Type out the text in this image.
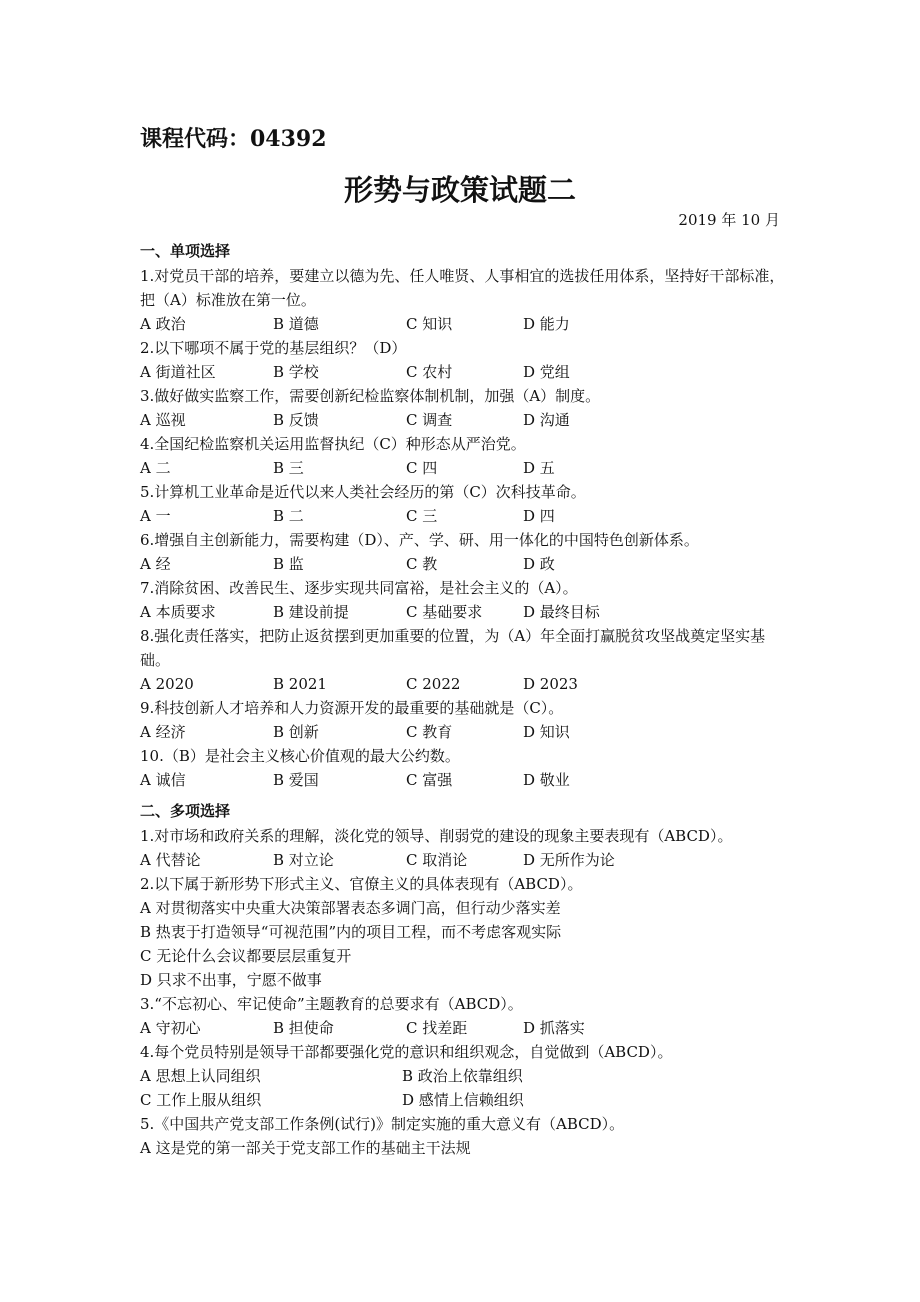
课程代码：04392
形势与政策试题二
2019 年 10 月
一、单项选择
1.对党员干部的培养，要建立以德为先、任人唯贤、人事相宜的选拔任用体系，坚持好干部标准，把（A）标准放在第一位。
A 政治	B 道德	C 知识	D 能力
2.以下哪项不属于党的基层组织？（D）
A 街道社区	B 学校	C 农村	D 党组
3.做好做实监察工作，需要创新纪检监察体制机制，加强（A）制度。
A 巡视	B 反馈	C 调查	D 沟通
4.全国纪检监察机关运用监督执纪（C）种形态从严治党。
A 二	B 三	C 四	D 五
5.计算机工业革命是近代以来人类社会经历的第（C）次科技革命。
A 一	B 二	C 三	D 四
6.增强自主创新能力，需要构建（D）、产、学、研、用一体化的中国特色创新体系。
A 经	B 监	C 教	D 政
7.消除贫困、改善民生、逐步实现共同富裕，是社会主义的（A）。
A 本质要求	B 建设前提	C 基础要求	D 最终目标
8.强化责任落实，把防止返贫摆到更加重要的位置，为（A）年全面打赢脱贫攻坚战奠定坚实基础。
A 2020	B 2021	C 2022	D 2023
9.科技创新人才培养和人力资源开发的最重要的基础就是（C）。
A 经济	B 创新	C 教育	D 知识
10.（B）是社会主义核心价值观的最大公约数。
A 诚信	B 爱国	C 富强	D 敬业
二、多项选择
1.对市场和政府关系的理解，淡化党的领导、削弱党的建设的现象主要表现有（ABCD）。
A 代替论	B 对立论	C 取消论	D 无所作为论
2.以下属于新形势下形式主义、官僚主义的具体表现有（ABCD）。
A 对贯彻落实中央重大决策部署表态多调门高，但行动少落实差
B 热衷于打造领导“可视范围”内的项目工程，而不考虑客观实际
C 无论什么会议都要层层重复开
D 只求不出事，宁愿不做事
3.“不忘初心、牢记使命”主题教育的总要求有（ABCD）。
A 守初心	B 担使命	C 找差距	D 抓落实
4.每个党员特别是领导干部都要强化党的意识和组织观念，自觉做到（ABCD）。
A 思想上认同组织	B 政治上依靠组织
C 工作上服从组织	D 感情上信赖组织
5.《中国共产党支部工作条例(试行)》制定实施的重大意义有（ABCD）。
A 这是党的第一部关于党支部工作的基础主干法规
